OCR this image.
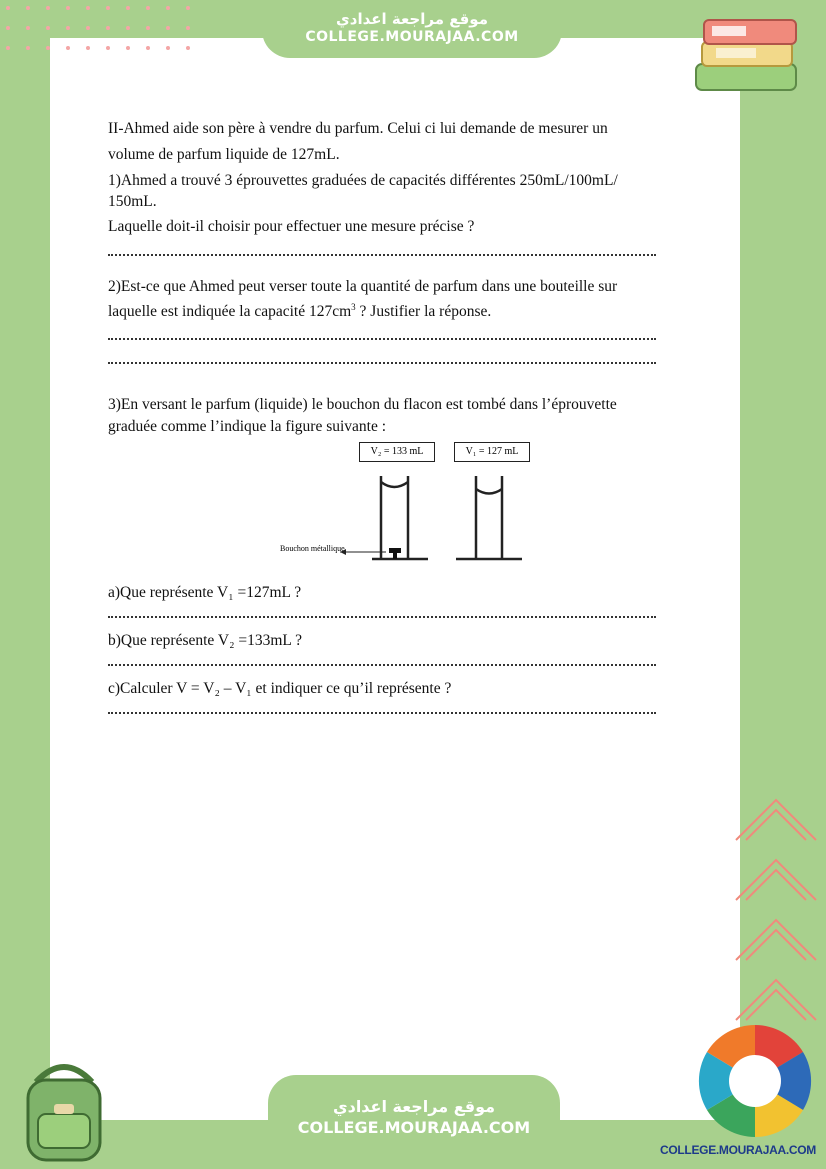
موقع مراجعة اعدادي
COLLEGE.MOURAJAA.COM
II-Ahmed aide son père à vendre du parfum. Celui ci lui demande de mesurer un
volume de parfum liquide de 127mL.
1)Ahmed a trouvé 3 éprouvettes graduées de capacités différentes 250mL/100mL/
150mL.
Laquelle doit-il choisir pour effectuer une mesure précise ?
2)Est-ce que Ahmed peut verser toute la quantité de parfum dans une bouteille sur
laquelle est indiquée la capacité $127cm^3$ ? Justifier la réponse.
3)En versant le parfum (liquide) le bouchon du flacon est tombé dans l’éprouvette
graduée comme l’indique la figure suivante :
V₂ = 133 mL	V₁ = 127 mL
Bouchon métallique
a)Que représente V₁ =127mL ?
b)Que représente V₂ =133mL ?
c)Calculer V = V₂ – V₁ et indiquer ce qu’il représente ?
موقع مراجعة اعدادي
COLLEGE.MOURAJAA.COM
COLLEGE.MOURAJAA.COM
